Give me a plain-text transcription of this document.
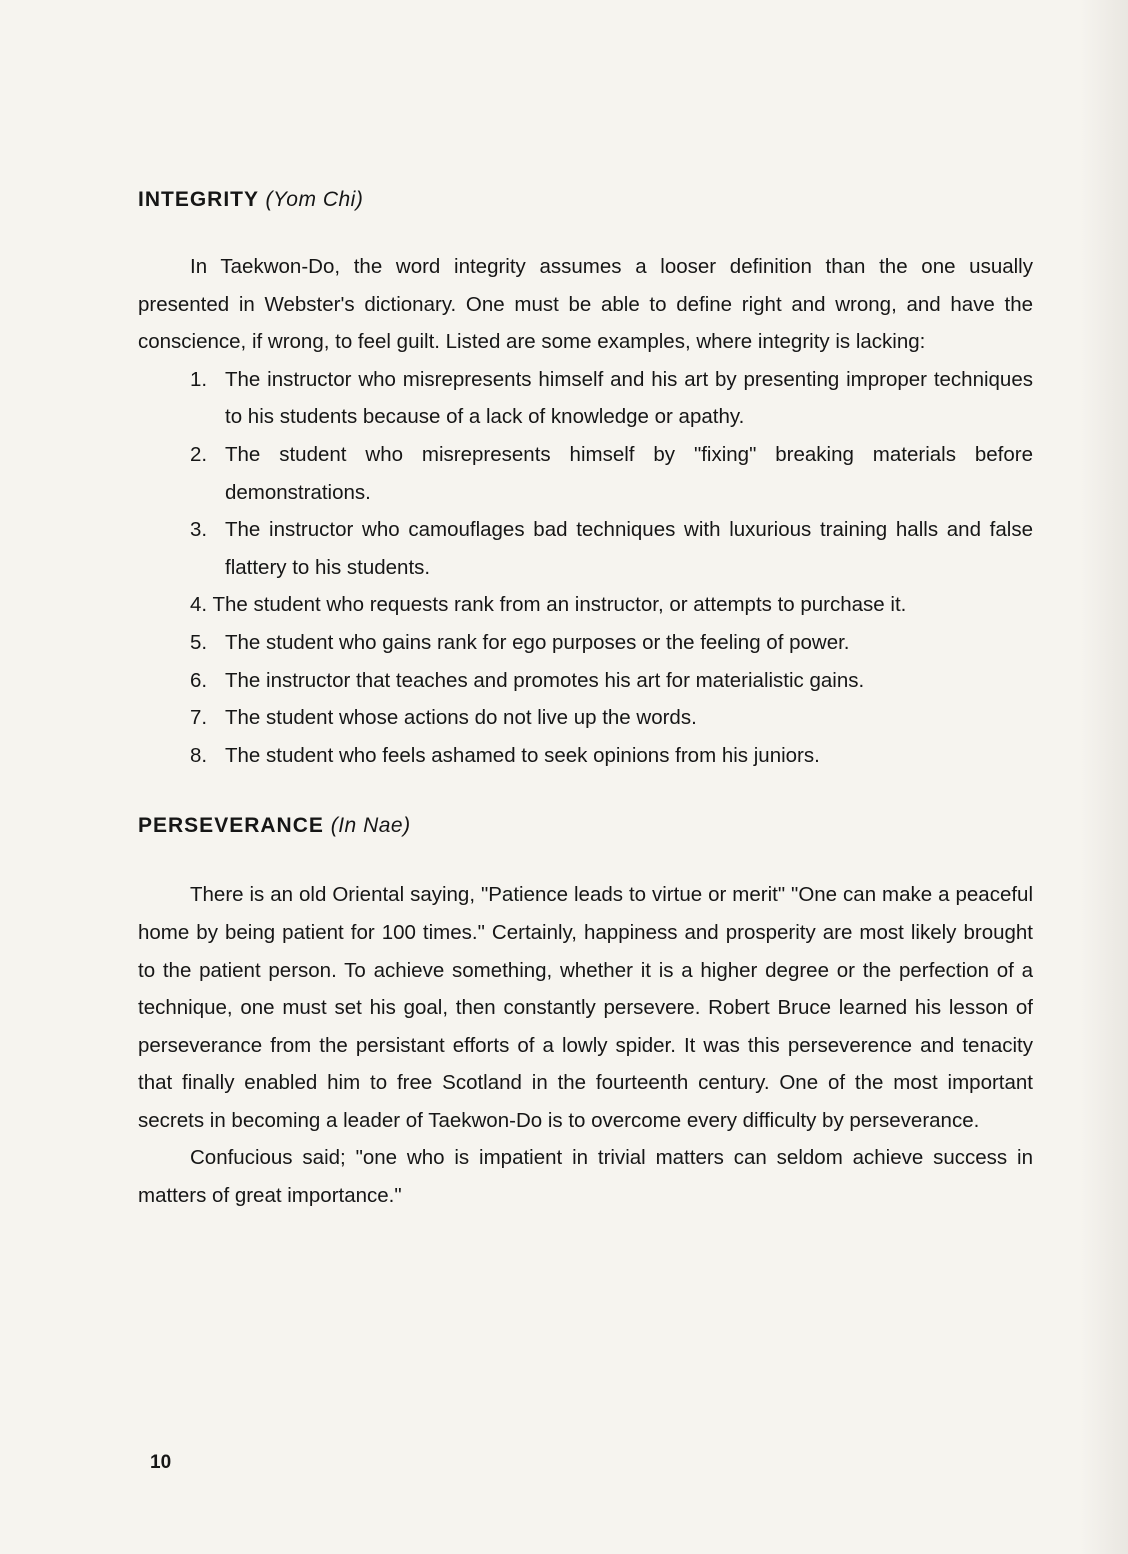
INTEGRITY (Yom Chi)

In Taekwon-Do, the word integrity assumes a looser definition than the one usually presented in Webster's dictionary. One must be able to define right and wrong, and have the conscience, if wrong, to feel guilt. Listed are some examples, where integrity is lacking:

1. The instructor who misrepresents himself and his art by presenting improper techniques to his students because of a lack of knowledge or apathy.
2. The student who misrepresents himself by "fixing" breaking materials before demonstrations.
3. The instructor who camouflages bad techniques with luxurious training halls and false flattery to his students.
4. The student who requests rank from an instructor, or attempts to purchase it.
5. The student who gains rank for ego purposes or the feeling of power.
6. The instructor that teaches and promotes his art for materialistic gains.
7. The student whose actions do not live up the words.
8. The student who feels ashamed to seek opinions from his juniors.
PERSEVERANCE (In Nae)

There is an old Oriental saying, "Patience leads to virtue or merit" "One can make a peaceful home by being patient for 100 times." Certainly, happiness and prosperity are most likely brought to the patient person. To achieve something, whether it is a higher degree or the perfection of a technique, one must set his goal, then constantly persevere. Robert Bruce learned his lesson of perseverance from the persistant efforts of a lowly spider. It was this perseverence and tenacity that finally enabled him to free Scotland in the fourteenth century. One of the most important secrets in becoming a leader of Taekwon-Do is to overcome every difficulty by perseverance.

Confucious said; "one who is impatient in trivial matters can seldom achieve success in matters of great importance."

10
